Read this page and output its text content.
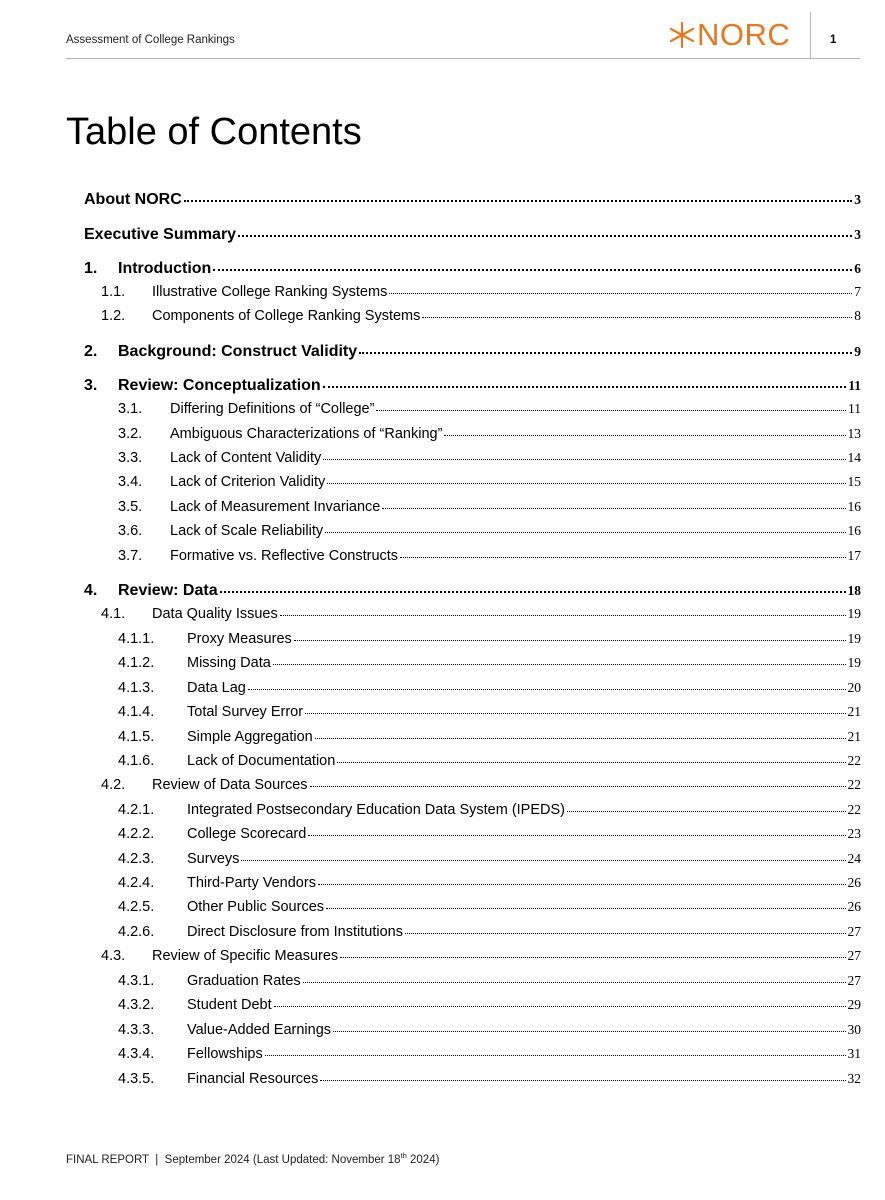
Assessment of College Rankings	NORC	1
Table of Contents
About NORC	3
Executive Summary	3
1.	Introduction	6
1.1.	Illustrative College Ranking Systems	7
1.2.	Components of College Ranking Systems	8
2.	Background: Construct Validity	9
3.	Review: Conceptualization	11
3.1.	Differing Definitions of “College”	11
3.2.	Ambiguous Characterizations of “Ranking”	13
3.3.	Lack of Content Validity	14
3.4.	Lack of Criterion Validity	15
3.5.	Lack of Measurement Invariance	16
3.6.	Lack of Scale Reliability	16
3.7.	Formative vs. Reflective Constructs	17
4.	Review: Data	18
4.1.	Data Quality Issues	19
4.1.1.	Proxy Measures	19
4.1.2.	Missing Data	19
4.1.3.	Data Lag	20
4.1.4.	Total Survey Error	21
4.1.5.	Simple Aggregation	21
4.1.6.	Lack of Documentation	22
4.2.	Review of Data Sources	22
4.2.1.	Integrated Postsecondary Education Data System (IPEDS)	22
4.2.2.	College Scorecard	23
4.2.3.	Surveys	24
4.2.4.	Third-Party Vendors	26
4.2.5.	Other Public Sources	26
4.2.6.	Direct Disclosure from Institutions	27
4.3.	Review of Specific Measures	27
4.3.1.	Graduation Rates	27
4.3.2.	Student Debt	29
4.3.3.	Value-Added Earnings	30
4.3.4.	Fellowships	31
4.3.5.	Financial Resources	32
FINAL REPORT | September 2024 (Last Updated: November 18th 2024)
